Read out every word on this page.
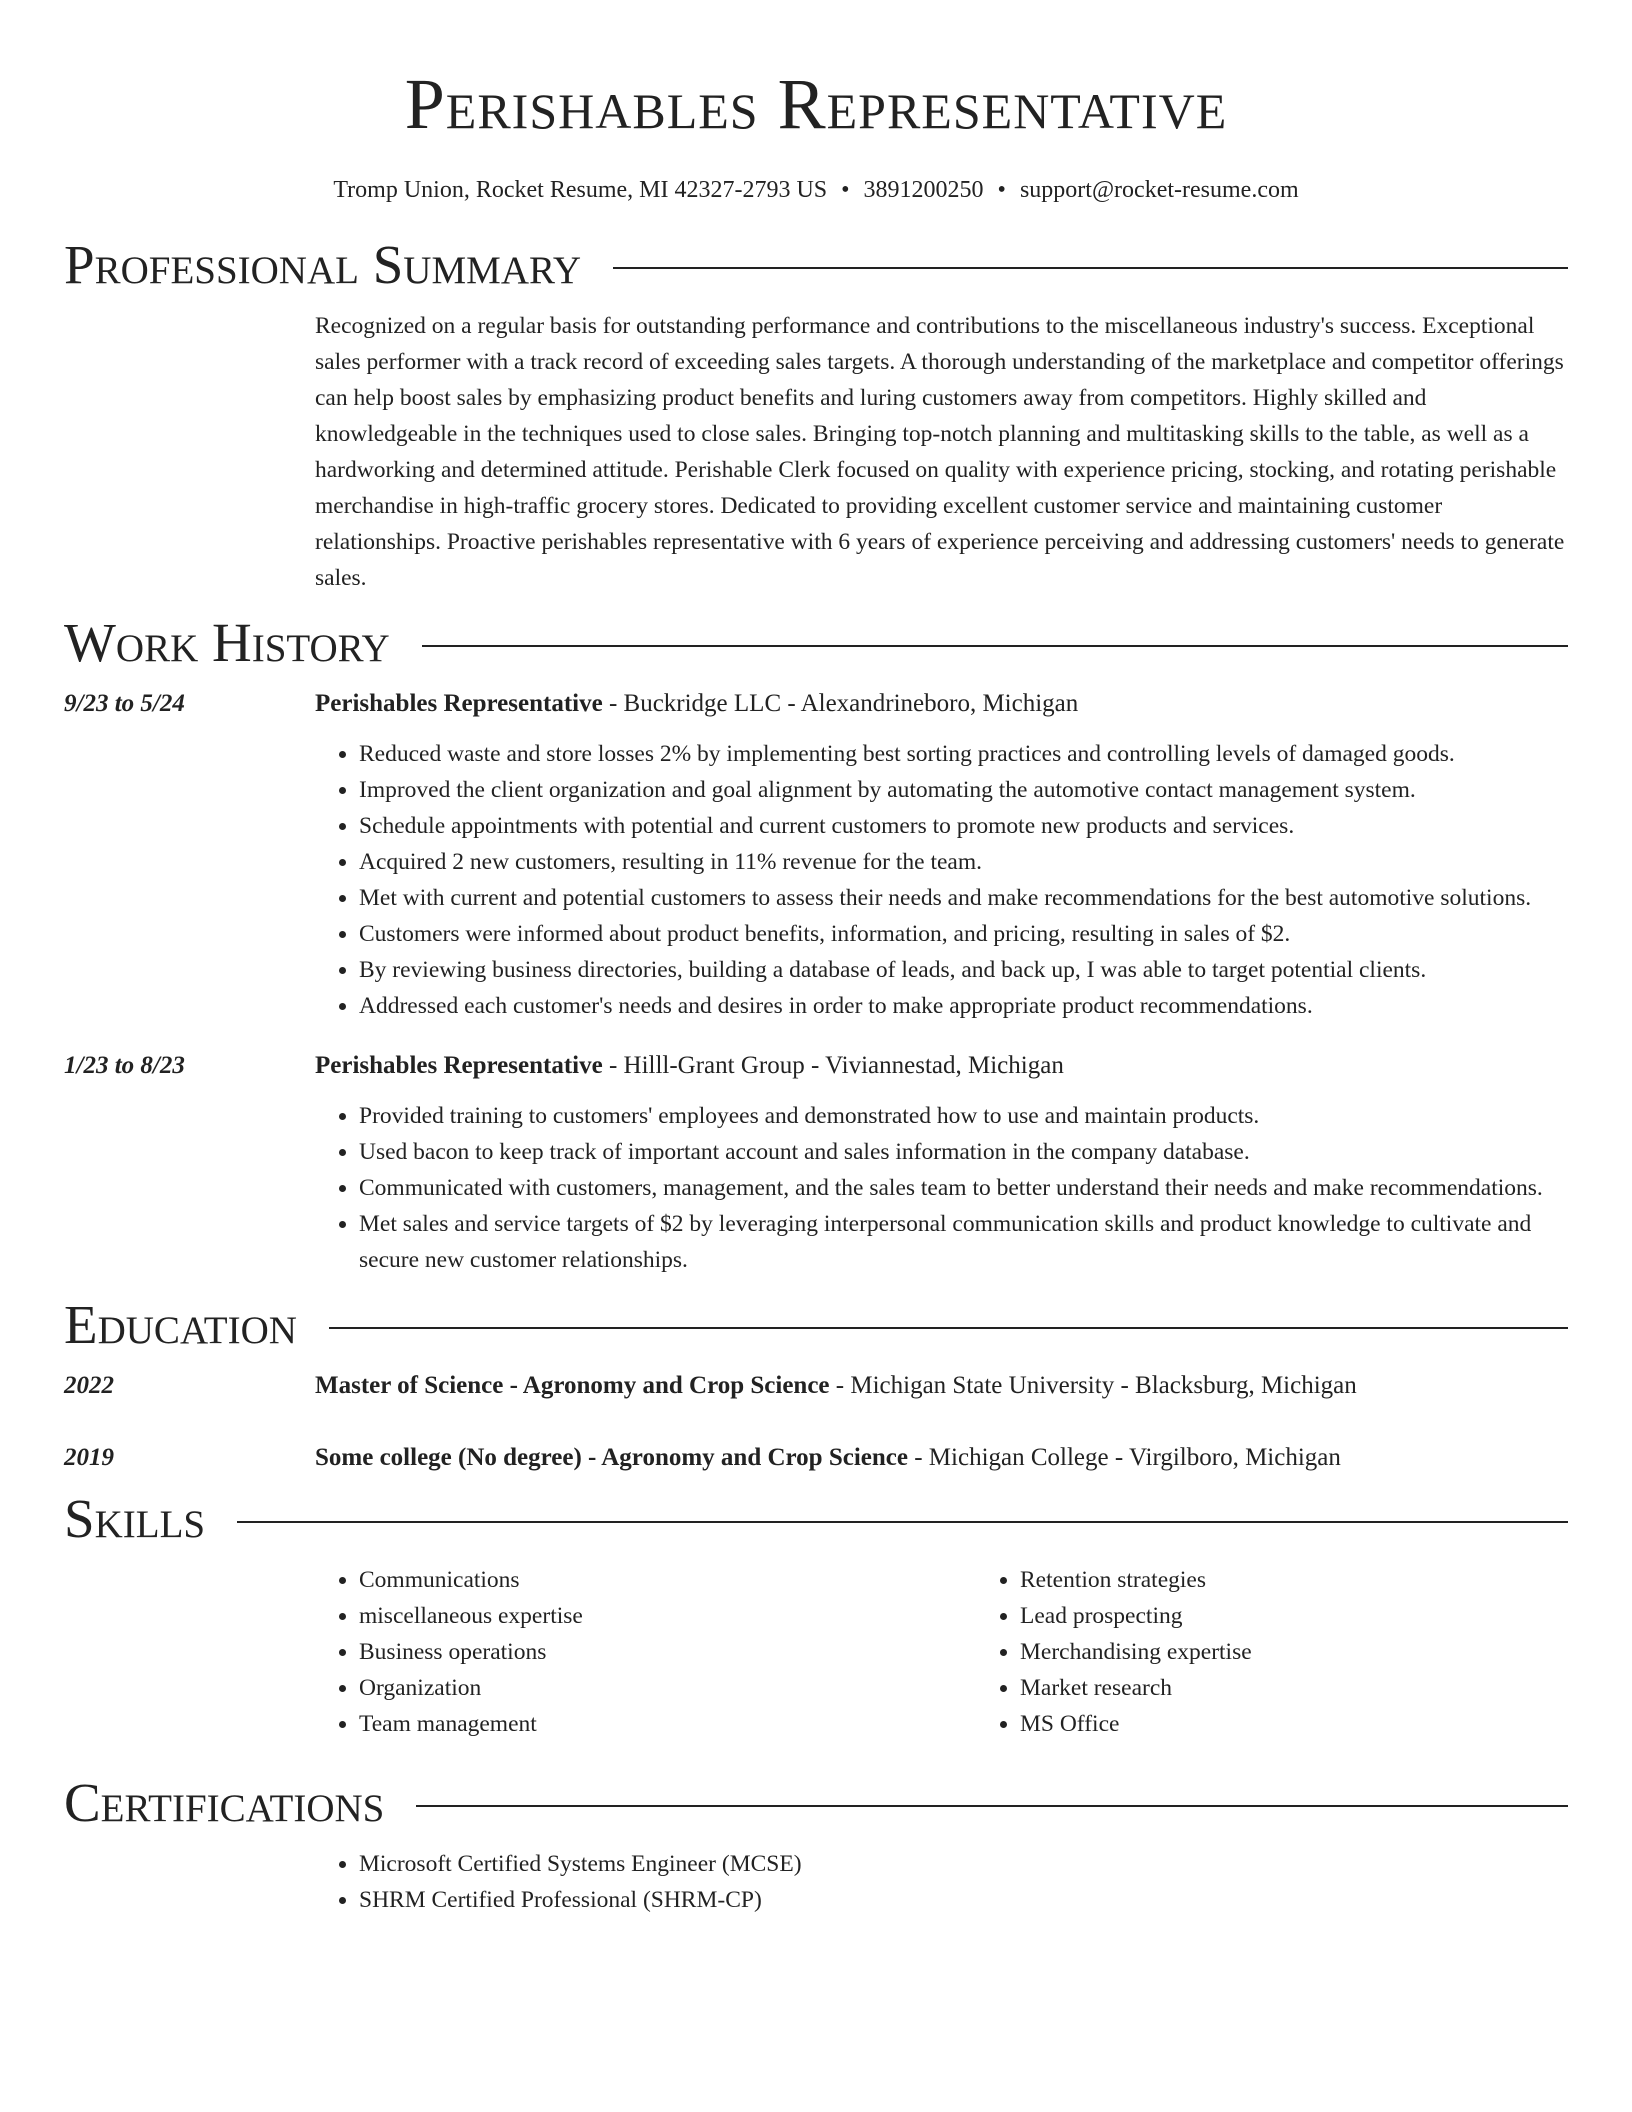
Perishables Representative
Tromp Union, Rocket Resume, MI 42327-2793 US • 3891200250 • support@rocket-resume.com
Professional Summary

Recognized on a regular basis for outstanding performance and contributions to the miscellaneous industry's success. Exceptional sales performer with a track record of exceeding sales targets. A thorough understanding of the marketplace and competitor offerings can help boost sales by emphasizing product benefits and luring customers away from competitors. Highly skilled and knowledgeable in the techniques used to close sales. Bringing top-notch planning and multitasking skills to the table, as well as a hardworking and determined attitude. Perishable Clerk focused on quality with experience pricing, stocking, and rotating perishable merchandise in high-traffic grocery stores. Dedicated to providing excellent customer service and maintaining customer relationships. Proactive perishables representative with 6 years of experience perceiving and addressing customers' needs to generate sales.

Work History
9/23 to 5/24	Perishables Representative - Buckridge LLC - Alexandrineboro, Michigan
• Reduced waste and store losses 2% by implementing best sorting practices and controlling levels of damaged goods.
• Improved the client organization and goal alignment by automating the automotive contact management system.
• Schedule appointments with potential and current customers to promote new products and services.
• Acquired 2 new customers, resulting in 11% revenue for the team.
• Met with current and potential customers to assess their needs and make recommendations for the best automotive solutions.
• Customers were informed about product benefits, information, and pricing, resulting in sales of $2.
• By reviewing business directories, building a database of leads, and back up, I was able to target potential clients.
• Addressed each customer's needs and desires in order to make appropriate product recommendations.
1/23 to 8/23	Perishables Representative - Hilll-Grant Group - Viviannestad, Michigan
• Provided training to customers' employees and demonstrated how to use and maintain products.
• Used bacon to keep track of important account and sales information in the company database.
• Communicated with customers, management, and the sales team to better understand their needs and make recommendations.
• Met sales and service targets of $2 by leveraging interpersonal communication skills and product knowledge to cultivate and secure new customer relationships.
Education
2022	Master of Science - Agronomy and Crop Science - Michigan State University - Blacksburg, Michigan
2019	Some college (No degree) - Agronomy and Crop Science - Michigan College - Virgilboro, Michigan
Skills
• Communications
• miscellaneous expertise
• Business operations
• Organization
• Team management
• Retention strategies
• Lead prospecting
• Merchandising expertise
• Market research
• MS Office
Certifications
• Microsoft Certified Systems Engineer (MCSE)
• SHRM Certified Professional (SHRM-CP)
